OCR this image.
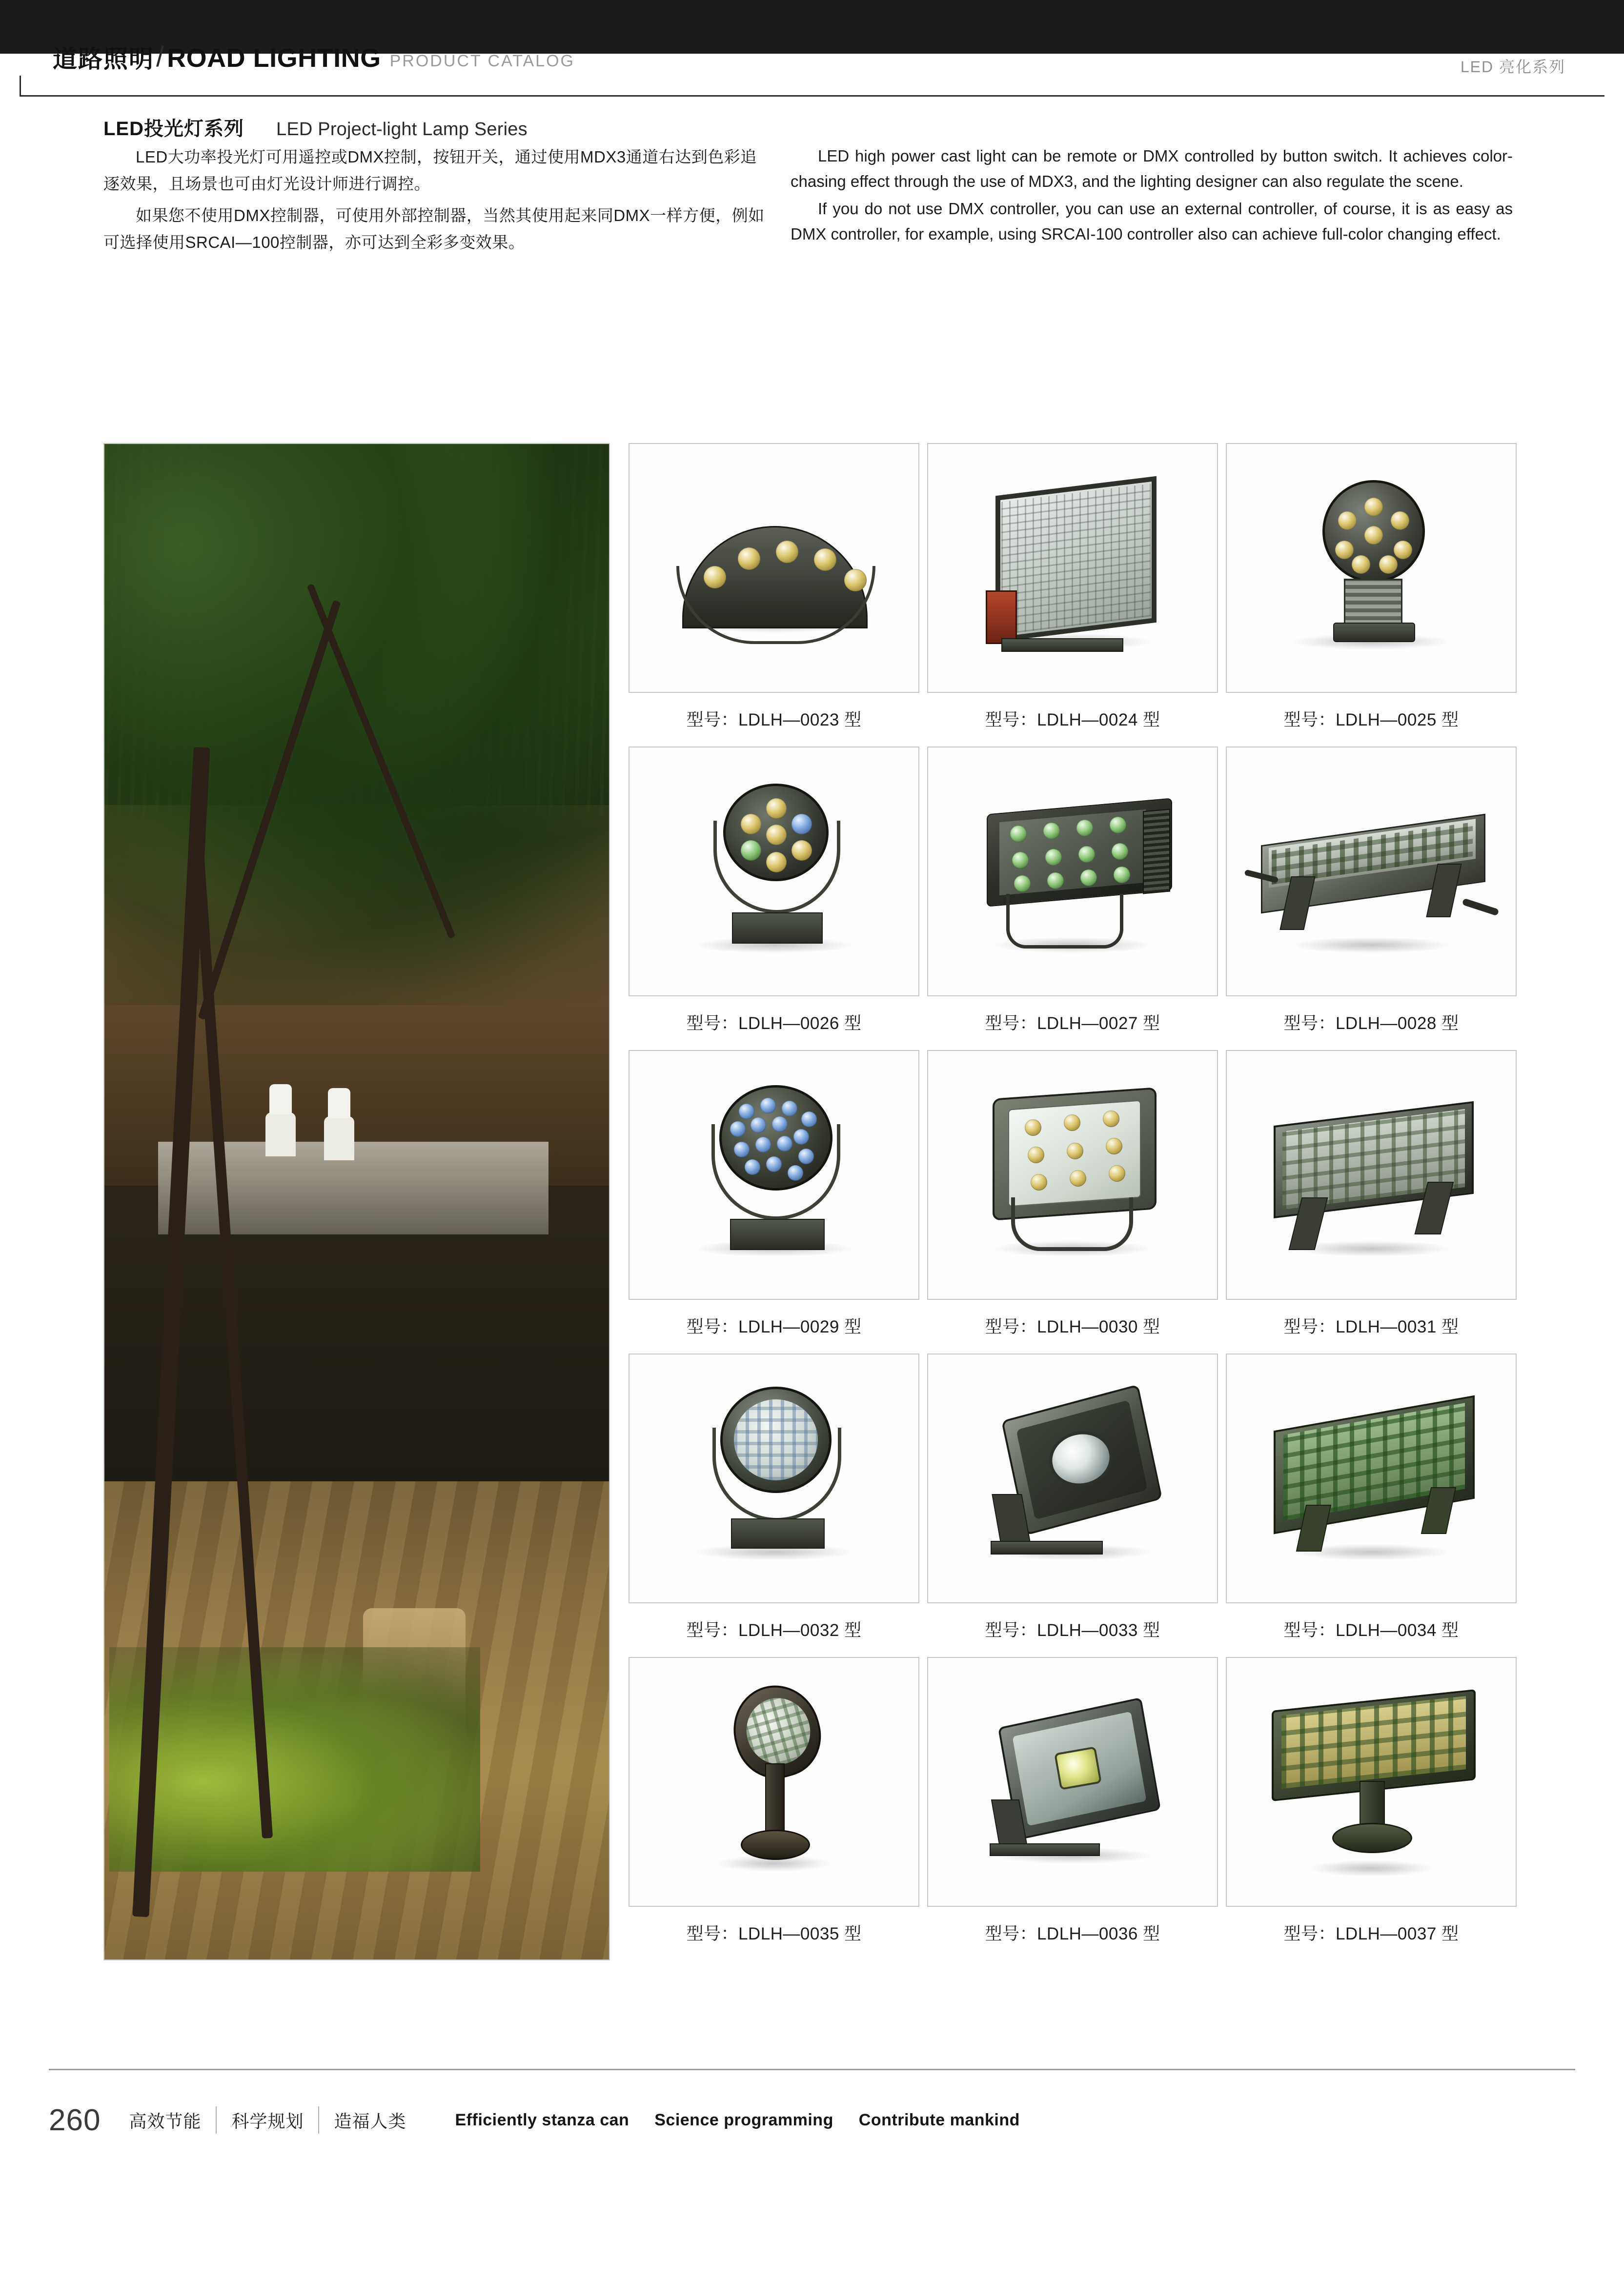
道路照明 / ROAD LIGHTING PRODUCT CATALOG	LED 亮化系列
LED投光灯系列 LED Project-light Lamp Series

LED大功率投光灯可用遥控或DMX控制，按钮开关，通过使用MDX3通道右达到色彩追逐效果，且场景也可由灯光设计师进行调控。

如果您不使用DMX控制器，可使用外部控制器，当然其使用起来同DMX一样方便，例如可选择使用SRCAI—100控制器，亦可达到全彩多变效果。

LED high power cast light can be remote or DMX controlled by button switch. It achieves color-chasing effect through the use of MDX3, and the lighting designer can also regulate the scene.

If you do not use DMX controller, you can use an external controller, of course, it is as easy as DMX controller, for example, using SRCAI-100 controller also can achieve full-color changing effect.

型号：LDLH—0023 型	型号：LDLH—0024 型	型号：LDLH—0025 型
型号：LDLH—0026 型	型号：LDLH—0027 型	型号：LDLH—0028 型
型号：LDLH—0029 型	型号：LDLH—0030 型	型号：LDLH—0031 型
型号：LDLH—0032 型	型号：LDLH—0033 型	型号：LDLH—0034 型
型号：LDLH—0035 型	型号：LDLH—0036 型	型号：LDLH—0037 型
260	高效节能	科学规划	造福人类	Efficiently stanza can Science programming Contribute mankind
